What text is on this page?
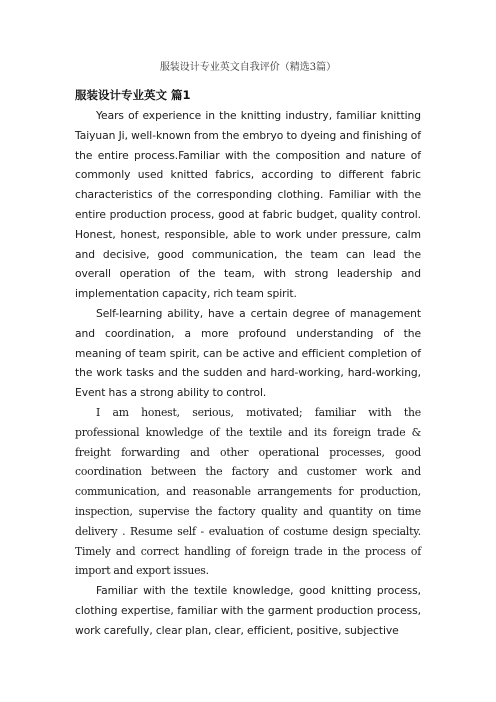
服装设计专业英文自我评价（精选3篇）
服装设计专业英文 篇1

Years of experience in the knitting industry, familiar knitting Taiyuan Ji, well-known from the embryo to dyeing and finishing of the entire process.Familiar with the composition and nature of commonly used knitted fabrics, according to different fabric characteristics of the corresponding clothing. Familiar with the entire production process, good at fabric budget, quality control. Honest, honest, responsible, able to work under pressure, calm and decisive, good communication, the team can lead the overall operation of the team, with strong leadership and implementation capacity, rich team spirit.

Self-learning ability, have a certain degree of management and coordination, a more profound understanding of the meaning of team spirit, can be active and efficient completion of the work tasks and the sudden and hard-working, hard-working, Event has a strong ability to control.

I am honest, serious, motivated; familiar with the professional knowledge of the textile and its foreign trade & freight forwarding and other operational processes, good coordination between the factory and customer work and communication, and reasonable arrangements for production, inspection, supervise the factory quality and quantity on time delivery . Resume self - evaluation of costume design specialty. Timely and correct handling of foreign trade in the process of import and export issues.

Familiar with the textile knowledge, good knitting process, clothing expertise, familiar with the garment production process, work carefully, clear plan, clear, efficient, positive, subjective
